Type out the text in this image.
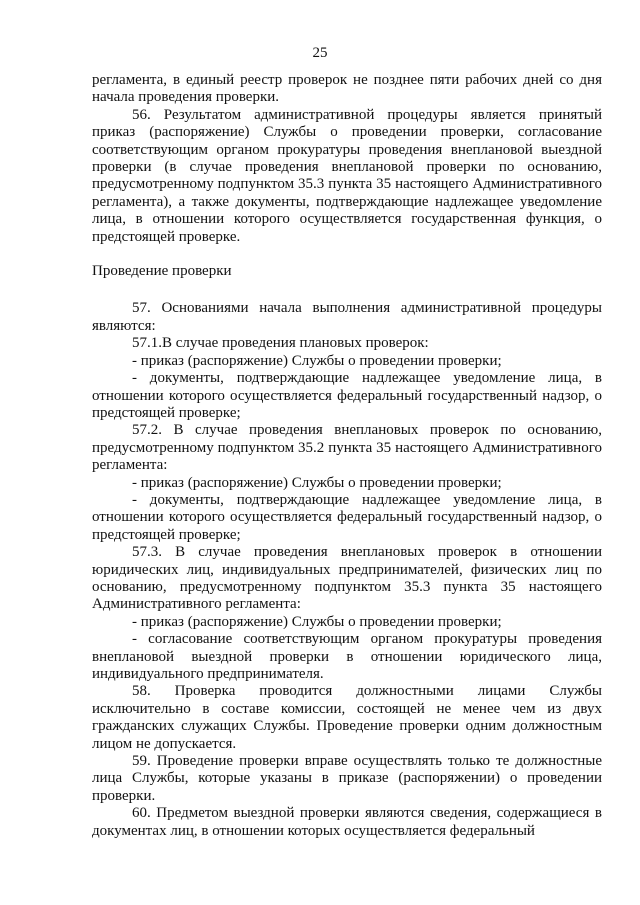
25

регламента, в единый реестр проверок не позднее пяти рабочих дней со дня начала проведения проверки.

56. Результатом административной процедуры является принятый приказ (распоряжение) Службы о проведении проверки, согласование соответствующим органом прокуратуры проведения внеплановой выездной проверки (в случае проведения внеплановой проверки по основанию, предусмотренному подпунктом 35.3 пункта 35 настоящего Административного регламента), а также документы, подтверждающие надлежащее уведомление лица, в отношении которого осуществляется государственная функция, о предстоящей проверке.

Проведение проверки

57. Основаниями начала выполнения административной процедуры являются:

57.1.В случае проведения плановых проверок:

- приказ (распоряжение) Службы о проведении проверки;

- документы, подтверждающие надлежащее уведомление лица, в отношении которого осуществляется федеральный государственный надзор, о предстоящей проверке;

57.2. В случае проведения внеплановых проверок по основанию, предусмотренному подпунктом 35.2 пункта 35 настоящего Административного регламента:

- приказ (распоряжение) Службы о проведении проверки;

- документы, подтверждающие надлежащее уведомление лица, в отношении которого осуществляется федеральный государственный надзор, о предстоящей проверке;

57.3. В случае проведения внеплановых проверок в отношении юридических лиц, индивидуальных предпринимателей, физических лиц по основанию, предусмотренному подпунктом 35.3 пункта 35 настоящего Административного регламента:

- приказ (распоряжение) Службы о проведении проверки;

- согласование соответствующим органом прокуратуры проведения внеплановой выездной проверки в отношении юридического лица, индивидуального предпринимателя.

58. Проверка проводится должностными лицами Службы исключительно в составе комиссии, состоящей не менее чем из двух гражданских служащих Службы. Проведение проверки одним должностным лицом не допускается.

59. Проведение проверки вправе осуществлять только те должностные лица Службы, которые указаны в приказе (распоряжении) о проведении проверки.

60. Предметом выездной проверки являются сведения, содержащиеся в документах лиц, в отношении которых осуществляется федеральный
